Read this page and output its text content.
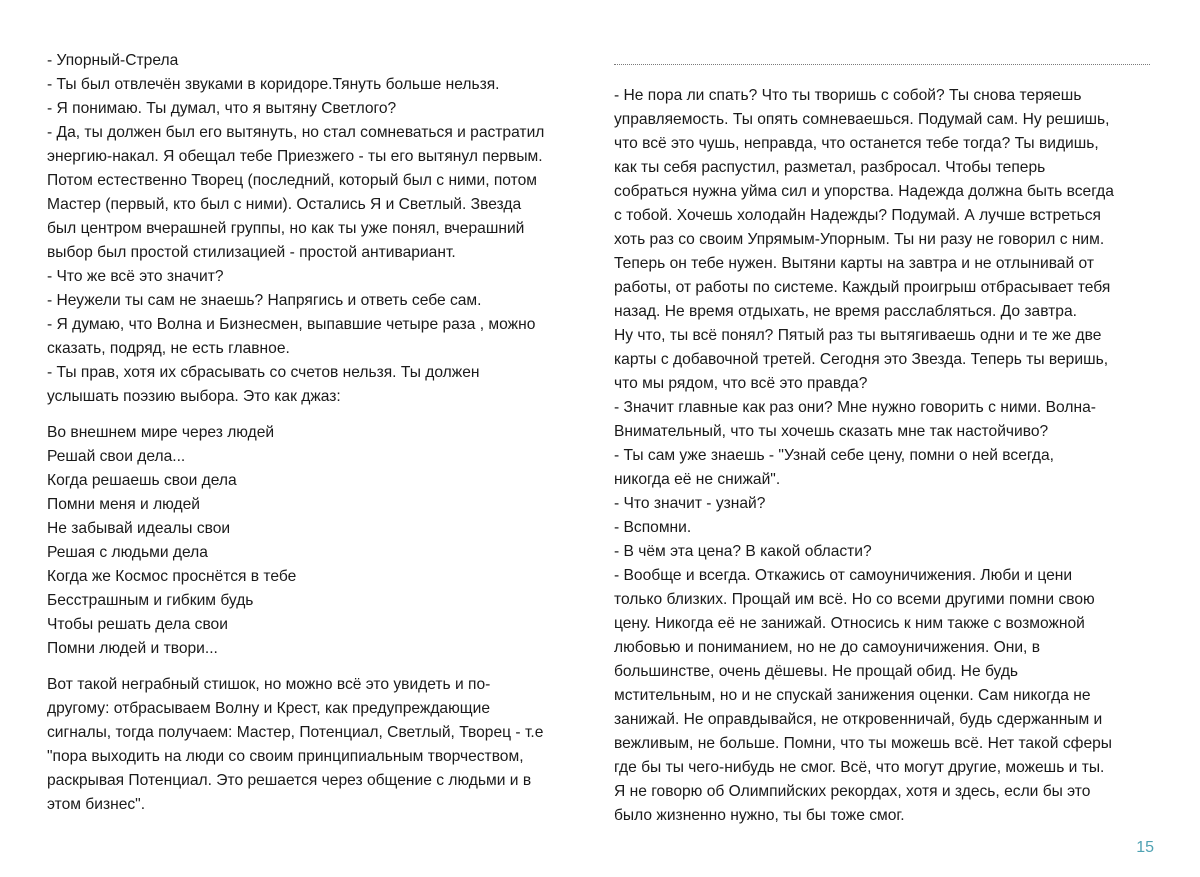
- Упорный-Стрела
- Ты был отвлечён звуками в коридоре.Тянуть больше нельзя.
- Я понимаю. Ты думал, что я вытяну Светлого?
- Да, ты должен был его вытянуть, но стал сомневаться и растратил
энергию-накал. Я обещал тебе Приезжего - ты его вытянул первым.
Потом естественно Творец (последний, который был с ними, потом
Мастер (первый, кто был с ними). Остались Я и Светлый. Звезда
был центром вчерашней группы, но как ты уже понял, вчерашний
выбор был простой стилизацией - простой антивариант.
- Что же всё это значит?
- Неужели ты сам не знаешь? Напрягись и ответь себе сам.
- Я думаю, что Волна и Бизнесмен, выпавшие четыре раза , можно
сказать, подряд, не есть главное.
- Ты прав, хотя их сбрасывать со счетов нельзя. Ты должен
услышать поэзию выбора. Это как джаз:
Во внешнем мире через людей
Решай свои дела...
Когда решаешь свои дела
Помни меня и людей
Не забывай идеалы свои
Решая с людьми дела
Когда же Космос проснётся в тебе
Бесстрашным и гибким будь
Чтобы решать дела свои
Помни людей и твори...
Вот такой неграбный стишок, но можно всё это увидеть и по-
другому: отбрасываем Волну и Крест, как предупреждающие
сигналы, тогда получаем: Мастер, Потенциал, Светлый, Творец - т.е
"пора выходить на люди со своим принципиальным творчеством,
раскрывая Потенциал. Это решается через общение с людьми и в
этом бизнес".
- Не пора ли спать? Что ты творишь с собой? Ты снова теряешь
управляемость. Ты опять сомневаешься. Подумай сам. Ну решишь,
что всё это чушь, неправда, что останется тебе тогда? Ты видишь,
как ты себя распустил, разметал, разбросал. Чтобы теперь
собраться нужна уйма сил и упорства. Надежда должна быть всегда
с тобой. Хочешь холодайн Надежды? Подумай. А лучше встреться
хоть раз со своим Упрямым-Упорным. Ты ни разу не говорил с ним.
Теперь он тебе нужен. Вытяни карты на завтра и не отлынивай от
работы, от работы по системе. Каждый проигрыш отбрасывает тебя
назад. Не время отдыхать, не время расслабляться. До завтра.
Ну что, ты всё понял? Пятый раз ты вытягиваешь одни и те же две
карты с добавочной третей. Сегодня это Звезда. Теперь ты веришь,
что мы рядом, что всё это правда?
- Значит главные как раз они? Мне нужно говорить с ними. Волна-
Внимательный, что ты хочешь сказать мне так настойчиво?
- Ты сам уже знаешь - "Узнай себе цену, помни о ней всегда,
никогда её не снижай".
- Что значит - узнай?
- Вспомни.
- В чём эта цена? В какой области?
- Вообще и всегда. Откажись от самоуничижения. Люби и цени
только близких. Прощай им всё. Но со всеми другими помни свою
цену. Никогда её не занижай. Относись к ним также с возможной
любовью и пониманием, но не до самоуничижения. Они, в
большинстве, очень дёшевы. Не прощай обид. Не будь
мстительным, но и не спускай занижения оценки. Сам никогда не
занижай. Не оправдывайся, не откровенничай, будь сдержанным и
вежливым, не больше. Помни, что ты можешь всё. Нет такой сферы
где бы ты чего-нибудь не смог. Всё, что могут другие, можешь и ты.
Я не говорю об Олимпийских рекордах, хотя и здесь, если бы это
было жизненно нужно, ты бы тоже смог.
15
